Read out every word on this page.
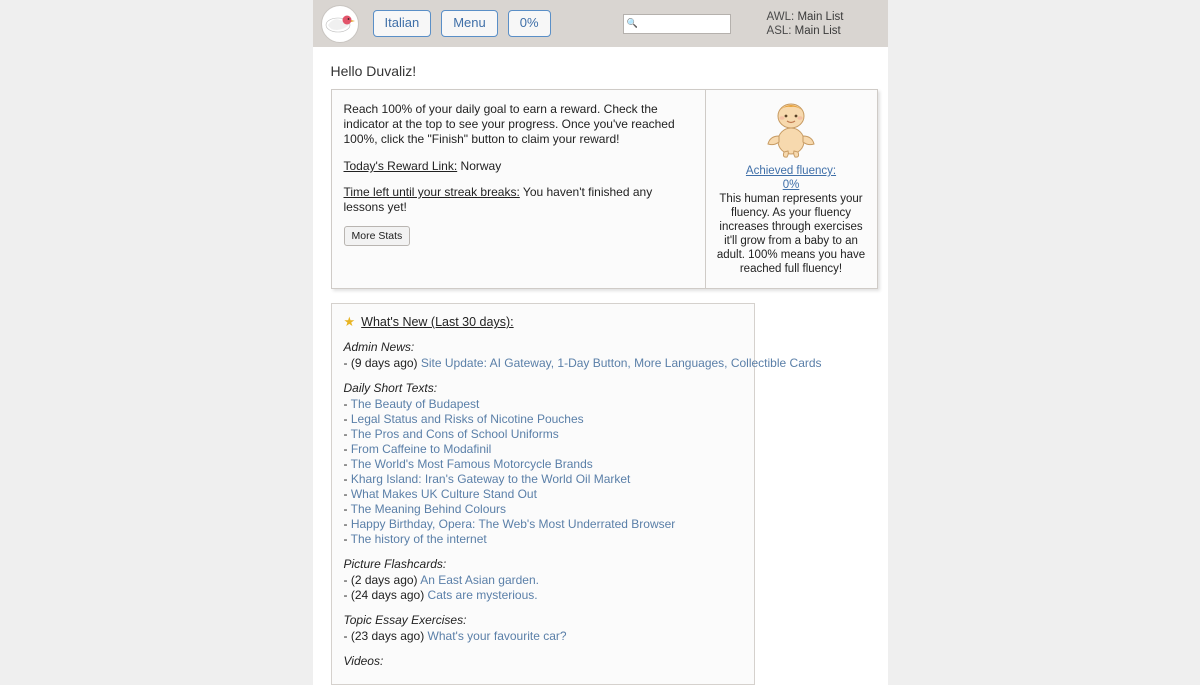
Italian	Menu	0%	🔍
AWL: Main List
ASL: Main List
Hello Duvaliz!

Reach 100% of your daily goal to earn a reward. Check the indicator at the top to see your progress. Once you've reached 100%, click the "Finish" button to claim your reward!

Today's Reward Link: Norway
Time left until your streak breaks: You haven't finished any lessons yet!
More Stats
Achieved fluency:
0%
This human represents your fluency. As your fluency increases through exercises it'll grow from a baby to an adult. 100% means you have reached full fluency!
★ What's New (Last 30 days):
Admin News:
- (9 days ago) Site Update: AI Gateway, 1-Day Button, More Languages, Collectible Cards
Daily Short Texts:
- The Beauty of Budapest
- Legal Status and Risks of Nicotine Pouches
- The Pros and Cons of School Uniforms
- From Caffeine to Modafinil
- The World's Most Famous Motorcycle Brands
- Kharg Island: Iran's Gateway to the World Oil Market
- What Makes UK Culture Stand Out
- The Meaning Behind Colours
- Happy Birthday, Opera: The Web's Most Underrated Browser
- The history of the internet
Picture Flashcards:
- (2 days ago) An East Asian garden.
- (24 days ago) Cats are mysterious.
Topic Essay Exercises:
- (23 days ago) What's your favourite car?
Videos:
